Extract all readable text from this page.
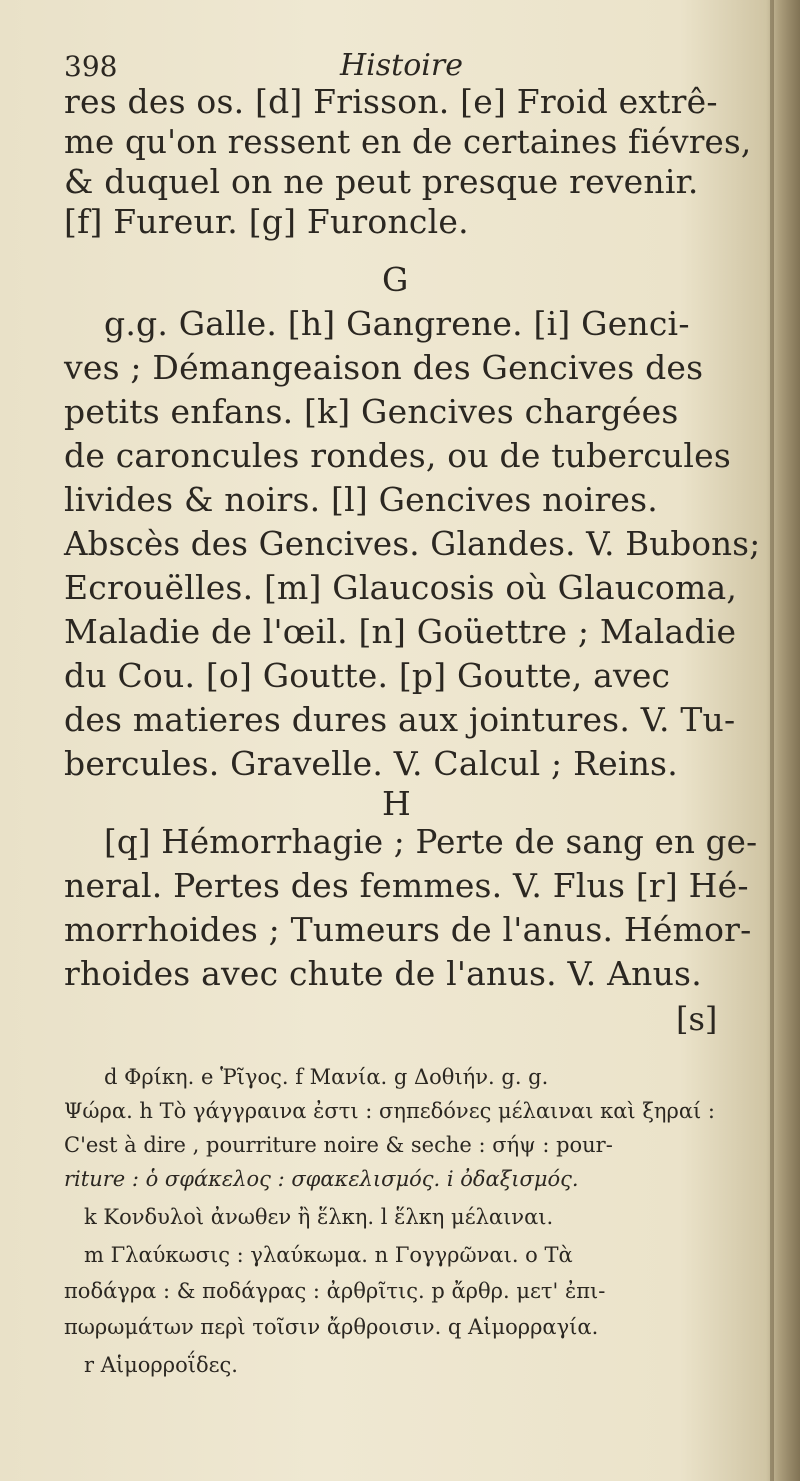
398	Histoire
res des os. [d] Frisson. [e] Froid extrê-
me qu'on ressent en de certaines fiévres,
& duquel on ne peut presque revenir.
[f] Fureur. [g] Furoncle.
G
g.g. Galle. [h] Gangrene. [i] Genci-
ves ; Démangeaison des Gencives des
petits enfans. [k] Gencives chargées
de caroncules rondes, ou de tubercules
livides & noirs. [l] Gencives noires.
Abscès des Gencives. Glandes. V. Bubons;
Ecrouëlles. [m] Glaucosis où Glaucoma,
Maladie de l'œil. [n] Goüettre ; Maladie
du Cou. [o] Goutte. [p] Goutte, avec
des matieres dures aux jointures. V. Tu-
bercules. Gravelle. V. Calcul ; Reins.
H
[q] Hémorrhagie ; Perte de sang en ge-
neral. Pertes des femmes. V. Flus [r] Hé-
morrhoides ; Tumeurs de l'anus. Hémor-
rhoides avec chute de l'anus. V. Anus.
[s]
d Φρίκη. e Ῥῖγος. f Μανία. g Δοθιήν. g. g.
Ψώρα. h Τὸ γάγγραινα ἐστι : σηπεδόνες μέλαιναι καὶ ξηραί :
C'est à dire , pourriture noire & seche : σήψ : pour-
riture : ὁ σφάκελος : σφακελισμός. i ὀδαξισμός.
k Κονδυλοὶ ἀνωθεν ἢ ἕλκη. l ἕλκη μέλαιναι.
m Γλαύκωσις : γλαύκωμα. n Γογγρῶναι. o Τὰ
ποδάγρα : & ποδάγρας : ἀρθρῖτις. p ἄρθρ. μετ' ἐπι-
πωρωμάτων περὶ τοῖσιν ἄρθροισιν. q Αἱμορραγία.
r Αἱμορροΐδες.
